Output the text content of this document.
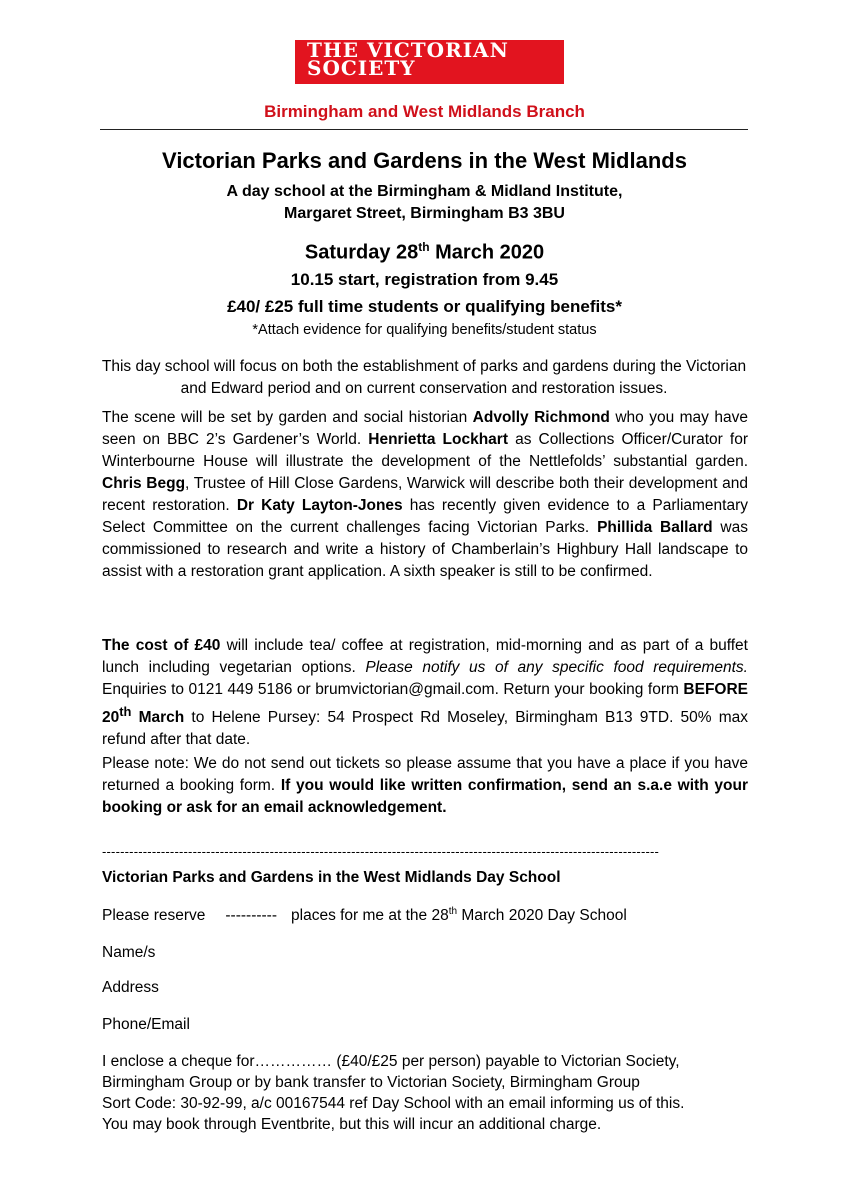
THE VICTORIAN
SOCIETY
Birmingham and West Midlands Branch
Victorian Parks and Gardens in the West Midlands
A day school at the Birmingham & Midland Institute,
Margaret Street, Birmingham B3 3BU
Saturday 28th March 2020
10.15 start, registration from 9.45
£40/ £25 full time students or qualifying benefits*
*Attach evidence for qualifying benefits/student status
This day school will focus on both the establishment of parks and gardens during the Victorian and Edward period and on current conservation and restoration issues.
The scene will be set by garden and social historian Advolly Richmond who you may have seen on BBC 2’s Gardener’s World. Henrietta Lockhart as Collections Officer/Curator for Winterbourne House will illustrate the development of the Nettlefolds’ substantial garden. Chris Begg, Trustee of Hill Close Gardens, Warwick will describe both their development and recent restoration. Dr Katy Layton-Jones has recently given evidence to a Parliamentary Select Committee on the current challenges facing Victorian Parks. Phillida Ballard was commissioned to research and write a history of Chamberlain’s Highbury Hall landscape to assist with a restoration grant application. A sixth speaker is still to be confirmed.
The cost of £40 will include tea/ coffee at registration, mid-morning and as part of a buffet lunch including vegetarian options. Please notify us of any specific food requirements. Enquiries to 0121 449 5186 or brumvictorian@gmail.com. Return your booking form BEFORE 20th March to Helene Pursey: 54 Prospect Rd Moseley, Birmingham B13 9TD. 50% max refund after that date.
Please note: We do not send out tickets so please assume that you have a place if you have returned a booking form. If you would like written confirmation, send an s.a.e with your booking or ask for an email acknowledgement.
---------------------------------------------------------------------------------------------------------------------------
Victorian Parks and Gardens in the West Midlands Day School
Please reserve ---------- places for me at the 28th March 2020 Day School
Name/s
Address
Phone/Email
I enclose a cheque for…………… (£40/£25 per person) payable to Victorian Society,
Birmingham Group or by bank transfer to Victorian Society, Birmingham Group
Sort Code: 30-92-99, a/c 00167544 ref Day School with an email informing us of this.
You may book through Eventbrite, but this will incur an additional charge.
